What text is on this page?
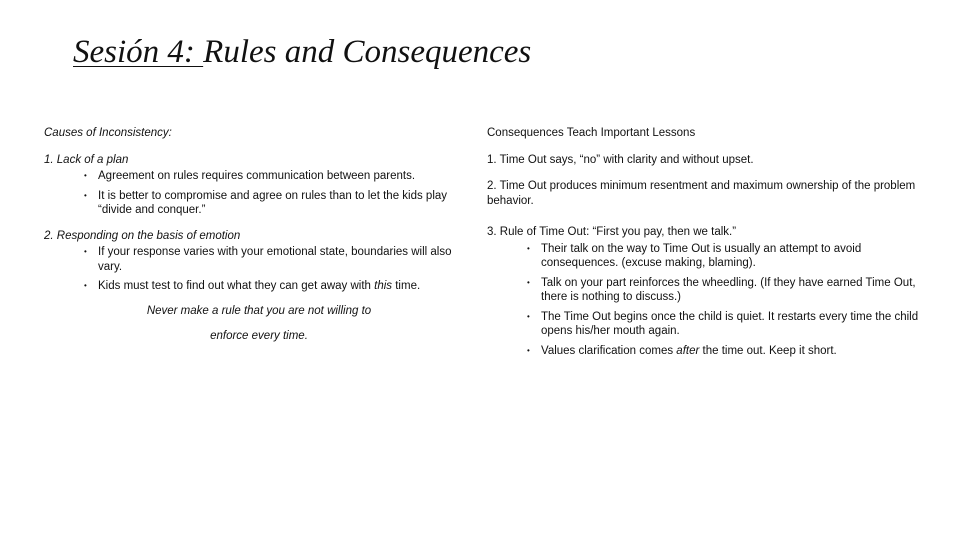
Sesión 4: Rules and Consequences

Causes of Inconsistency:

1. Lack of a plan

• Agreement on rules requires communication between parents.
• It is better to compromise and agree on rules than to let the kids play “divide and conquer.”

2. Responding on the basis of emotion

• If your response varies with your emotional state, boundaries will also vary.
• Kids must test to find out what they can get away with this time.

Never make a rule that you are not willing to

enforce every time.

Consequences Teach Important Lessons

1. Time Out says, “no” with clarity and without upset.

2. Time Out produces minimum resentment and maximum ownership of the problem behavior.

3. Rule of Time Out: “First you pay, then we talk.”

• Their talk on the way to Time Out is usually an attempt to avoid consequences. (excuse making, blaming).
• Talk on your part reinforces the wheedling. (If they have earned Time Out, there is nothing to discuss.)
• The Time Out begins once the child is quiet. It restarts every time the child opens his/her mouth again.
• Values clarification comes after the time out. Keep it short.
